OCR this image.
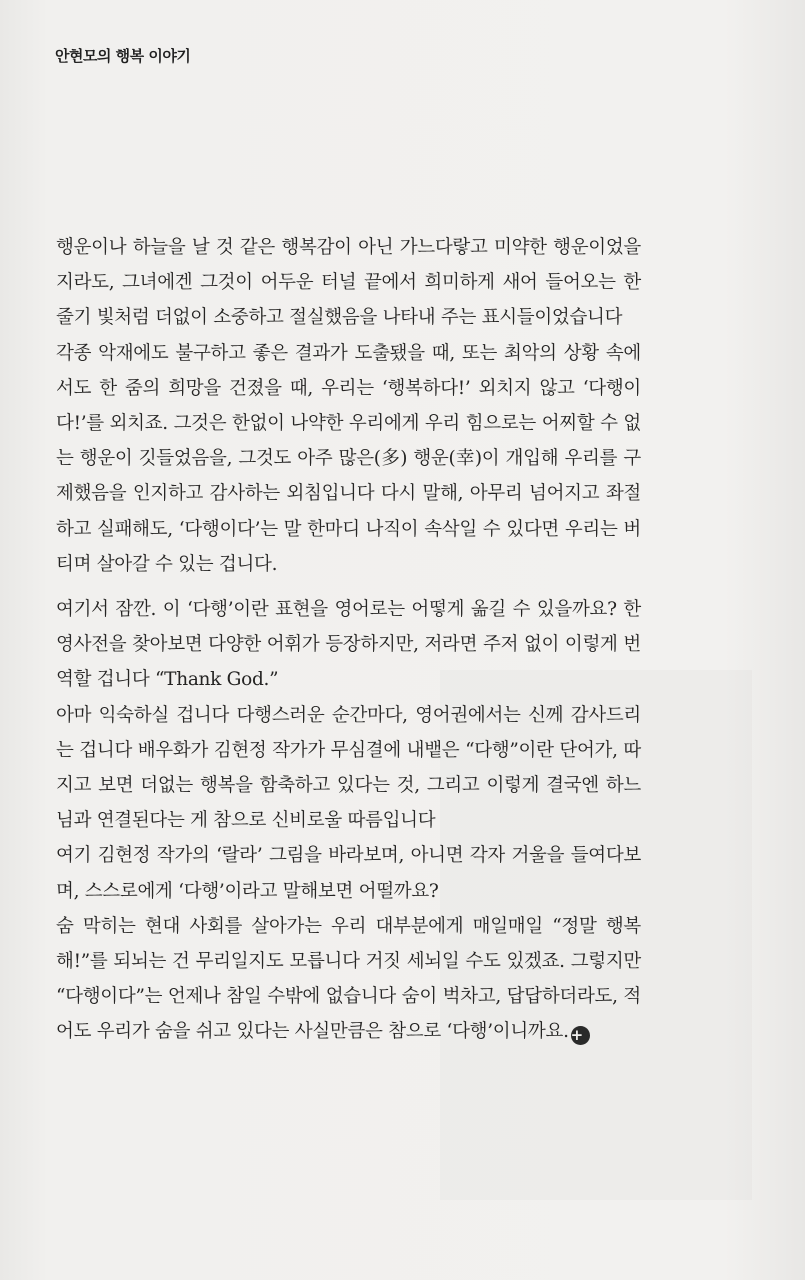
안현모의 행복 이야기

행운이나 하늘을 날 것 같은 행복감이 아닌 가느다랗고 미약한 행운이었을지라도, 그녀에겐 그것이 어두운 터널 끝에서 희미하게 새어 들어오는 한 줄기 빛처럼 더없이 소중하고 절실했음을 나타내 주는 표시들이었습니다

각종 악재에도 불구하고 좋은 결과가 도출됐을 때, 또는 최악의 상황 속에서도 한 줌의 희망을 건졌을 때, 우리는 ‘행복하다!’ 외치지 않고 ‘다행이다!’를 외치죠. 그것은 한없이 나약한 우리에게 우리 힘으로는 어찌할 수 없는 행운이 깃들었음을, 그것도 아주 많은(多) 행운(幸)이 개입해 우리를 구제했음을 인지하고 감사하는 외침입니다 다시 말해, 아무리 넘어지고 좌절하고 실패해도, ‘다행이다’는 말 한마디 나직이 속삭일 수 있다면 우리는 버티며 살아갈 수 있는 겁니다.

여기서 잠깐. 이 ‘다행’이란 표현을 영어로는 어떻게 옮길 수 있을까요? 한영사전을 찾아보면 다양한 어휘가 등장하지만, 저라면 주저 없이 이렇게 번역할 겁니다 “Thank God.”

아마 익숙하실 겁니다 다행스러운 순간마다, 영어권에서는 신께 감사드리는 겁니다 배우화가 김현정 작가가 무심결에 내뱉은 “다행”이란 단어가, 따지고 보면 더없는 행복을 함축하고 있다는 것, 그리고 이렇게 결국엔 하느님과 연결된다는 게 참으로 신비로울 따름입니다

여기 김현정 작가의 ‘랄라’ 그림을 바라보며, 아니면 각자 거울을 들여다보며, 스스로에게 ‘다행’이라고 말해보면 어떨까요?

숨 막히는 현대 사회를 살아가는 우리 대부분에게 매일매일 “정말 행복해!”를 되뇌는 건 무리일지도 모릅니다 거짓 세뇌일 수도 있겠죠. 그렇지만 “다행이다”는 언제나 참일 수밖에 없습니다 숨이 벅차고, 답답하더라도, 적어도 우리가 숨을 쉬고 있다는 사실만큼은 참으로 ‘다행’이니까요. +
